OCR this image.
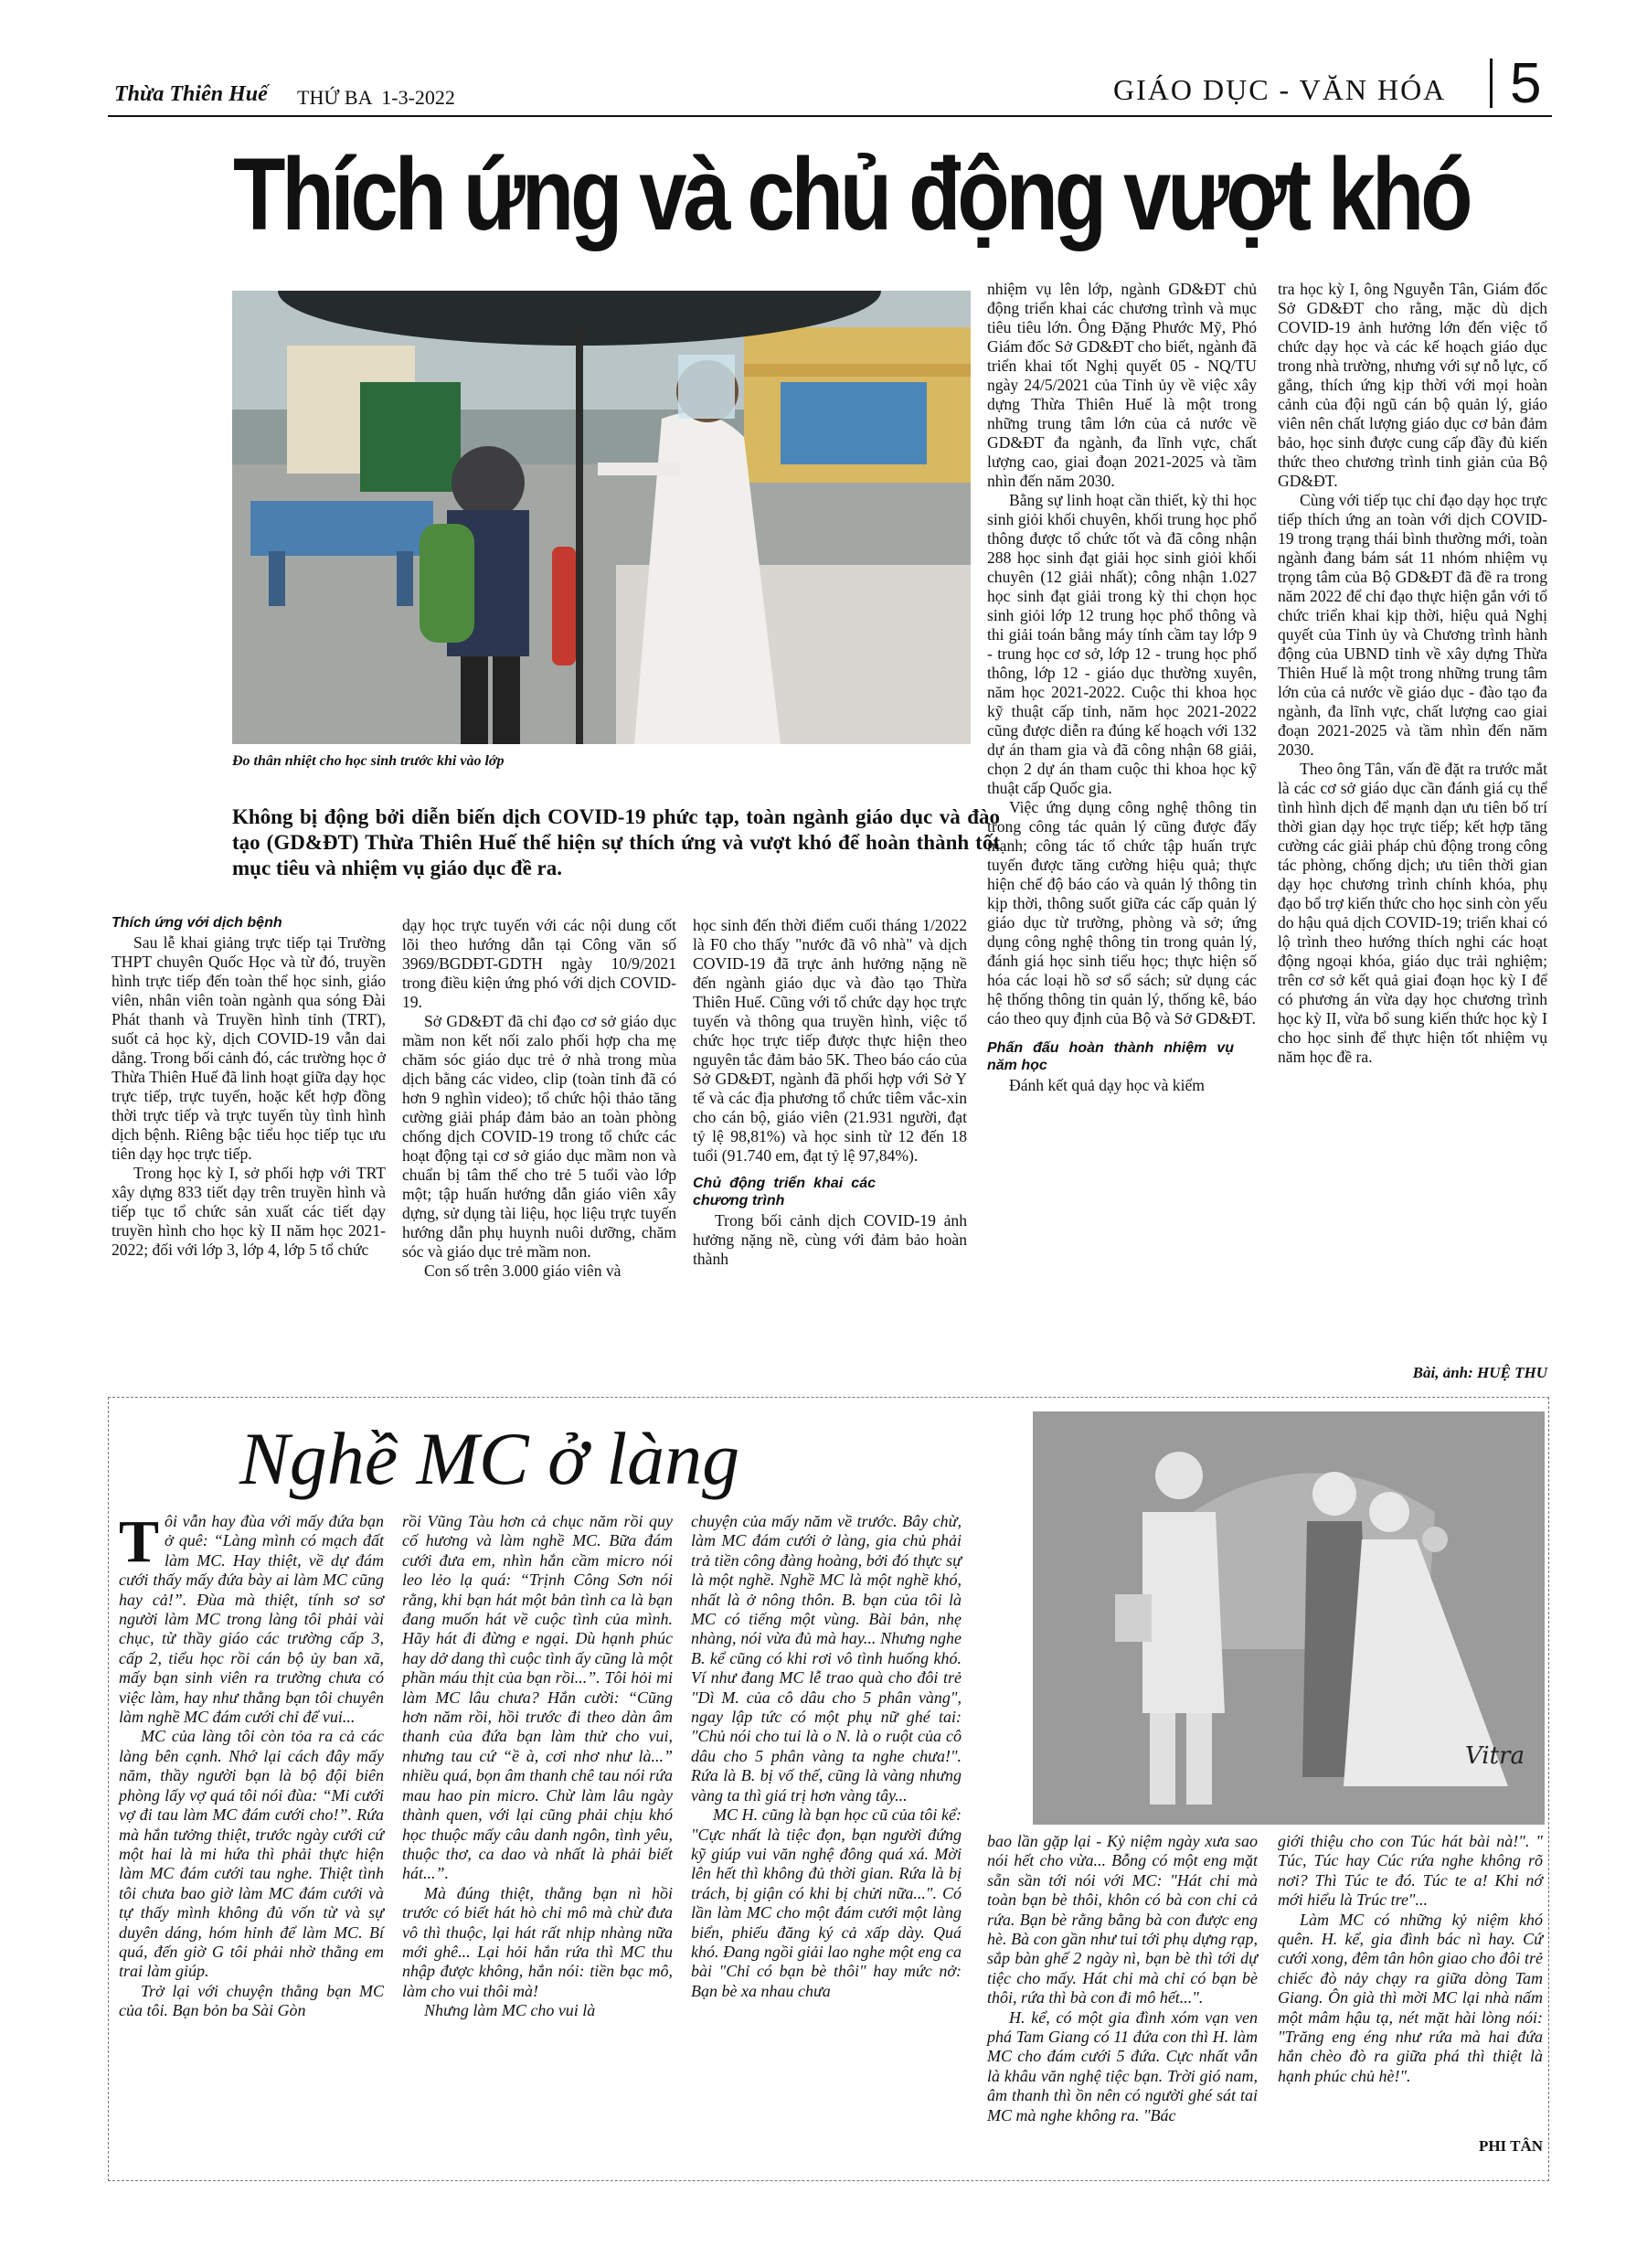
Thừa Thiên Huế THỨ BA  1-3-2022	GIÁO DỤC - VĂN HÓA 5
Thích ứng và chủ động vượt khó
Đo thân nhiệt cho học sinh trước khi vào lớp
Không bị động bởi diễn biến dịch COVID-19 phức tạp, toàn ngành giáo dục và đào tạo (GD&ĐT) Thừa Thiên Huế thể hiện sự thích ứng và vượt khó để hoàn thành tốt mục tiêu và nhiệm vụ giáo dục đề ra.
Thích ứng với dịch bệnh

Sau lễ khai giảng trực tiếp tại Trường THPT chuyên Quốc Học và từ đó, truyền hình trực tiếp đến toàn thể học sinh, giáo viên, nhân viên toàn ngành qua sóng Đài Phát thanh và Truyền hình tỉnh (TRT), suốt cả học kỳ, dịch COVID-19 vẫn dai dẳng. Trong bối cảnh đó, các trường học ở Thừa Thiên Huế đã linh hoạt giữa dạy học trực tiếp, trực tuyến, hoặc kết hợp đồng thời trực tiếp và trực tuyến tùy tình hình dịch bệnh. Riêng bậc tiểu học tiếp tục ưu tiên dạy học trực tiếp.

Trong học kỳ I, sở phối hợp với TRT xây dựng 833 tiết dạy trên truyền hình và tiếp tục tổ chức sản xuất các tiết dạy truyền hình cho học kỳ II năm học 2021-2022; đối với lớp 3, lớp 4, lớp 5 tổ chức

dạy học trực tuyến với các nội dung cốt lõi theo hướng dẫn tại Công văn số 3969/BGDĐT-GDTH ngày 10/9/2021 trong điều kiện ứng phó với dịch COVID-19.

Sở GD&ĐT đã chỉ đạo cơ sở giáo dục mầm non kết nối zalo phối hợp cha mẹ chăm sóc giáo dục trẻ ở nhà trong mùa dịch bằng các video, clip (toàn tỉnh đã có hơn 9 nghìn video); tổ chức hội thảo tăng cường giải pháp đảm bảo an toàn phòng chống dịch COVID-19 trong tổ chức các hoạt động tại cơ sở giáo dục mầm non và chuẩn bị tâm thế cho trẻ 5 tuổi vào lớp một; tập huấn hướng dẫn giáo viên xây dựng, sử dụng tài liệu, học liệu trực tuyến hướng dẫn phụ huynh nuôi dưỡng, chăm sóc và giáo dục trẻ mầm non.

Con số trên 3.000 giáo viên và

học sinh đến thời điểm cuối tháng 1/2022 là F0 cho thấy "nước đã vô nhà" và dịch COVID-19 đã trực ảnh hưởng nặng nề đến ngành giáo dục và đào tạo Thừa Thiên Huế. Cũng với tổ chức dạy học trực tuyến và thông qua truyền hình, việc tổ chức học trực tiếp được thực hiện theo nguyên tắc đảm bảo 5K. Theo báo cáo của Sở GD&ĐT, ngành đã phối hợp với Sở Y tế và các địa phương tổ chức tiêm vắc-xin cho cán bộ, giáo viên (21.931 người, đạt tỷ lệ 98,81%) và học sinh từ 12 đến 18 tuổi (91.740 em, đạt tỷ lệ 97,84%).

Chủ động triển khai các chương trình

Trong bối cảnh dịch COVID-19 ảnh hưởng nặng nề, cùng với đảm bảo hoàn thành

nhiệm vụ lên lớp, ngành GD&ĐT chủ động triển khai các chương trình và mục tiêu tiêu lớn. Ông Đặng Phước Mỹ, Phó Giám đốc Sở GD&ĐT cho biết, ngành đã triển khai tốt Nghị quyết 05 - NQ/TU ngày 24/5/2021 của Tỉnh ủy về việc xây dựng Thừa Thiên Huế là một trong những trung tâm lớn của cả nước về GD&ĐT đa ngành, đa lĩnh vực, chất lượng cao, giai đoạn 2021-2025 và tầm nhìn đến năm 2030.

Bằng sự linh hoạt cần thiết, kỳ thi học sinh giỏi khối chuyên, khối trung học phổ thông được tổ chức tốt và đã công nhận 288 học sinh đạt giải học sinh giỏi khối chuyên (12 giải nhất); công nhận 1.027 học sinh đạt giải trong kỳ thi chọn học sinh giỏi lớp 12 trung học phổ thông và thi giải toán bằng máy tính cầm tay lớp 9 - trung học cơ sở, lớp 12 - trung học phổ thông, lớp 12 - giáo dục thường xuyên, năm học 2021-2022. Cuộc thi khoa học kỹ thuật cấp tỉnh, năm học 2021-2022 cũng được diễn ra đúng kế hoạch với 132 dự án tham gia và đã công nhận 68 giải, chọn 2 dự án tham cuộc thi khoa học kỹ thuật cấp Quốc gia.

Việc ứng dụng công nghệ thông tin trong công tác quản lý cũng được đẩy mạnh; công tác tổ chức tập huấn trực tuyến được tăng cường hiệu quả; thực hiện chế độ báo cáo và quản lý thông tin kịp thời, thông suốt giữa các cấp quản lý giáo dục từ trường, phòng và sở; ứng dụng công nghệ thông tin trong quản lý, đánh giá học sinh tiểu học; thực hiện số hóa các loại hồ sơ sổ sách; sử dụng các hệ thống thông tin quản lý, thống kê, báo cáo theo quy định của Bộ và Sở GD&ĐT.

Phấn đấu hoàn thành nhiệm vụ năm học

Đánh kết quả dạy học và kiểm

tra học kỳ I, ông Nguyễn Tân, Giám đốc Sở GD&ĐT cho rằng, mặc dù dịch COVID-19 ảnh hưởng lớn đến việc tổ chức dạy học và các kế hoạch giáo dục trong nhà trường, nhưng với sự nỗ lực, cố gắng, thích ứng kịp thời với mọi hoàn cảnh của đội ngũ cán bộ quản lý, giáo viên nên chất lượng giáo dục cơ bản đảm bảo, học sinh được cung cấp đầy đủ kiến thức theo chương trình tinh giản của Bộ GD&ĐT.

Cùng với tiếp tục chỉ đạo dạy học trực tiếp thích ứng an toàn với dịch COVID-19 trong trạng thái bình thường mới, toàn ngành đang bám sát 11 nhóm nhiệm vụ trọng tâm của Bộ GD&ĐT đã đề ra trong năm 2022 để chỉ đạo thực hiện gắn với tổ chức triển khai kịp thời, hiệu quả Nghị quyết của Tỉnh ủy và Chương trình hành động của UBND tỉnh về xây dựng Thừa Thiên Huế là một trong những trung tâm lớn của cả nước về giáo dục - đào tạo đa ngành, đa lĩnh vực, chất lượng cao giai đoạn 2021-2025 và tầm nhìn đến năm 2030.

Theo ông Tân, vấn đề đặt ra trước mắt là các cơ sở giáo dục cần đánh giá cụ thể tình hình dịch để mạnh dạn ưu tiên bố trí thời gian dạy học trực tiếp; kết hợp tăng cường các giải pháp chủ động trong công tác phòng, chống dịch; ưu tiên thời gian dạy học chương trình chính khóa, phụ đạo bổ trợ kiến thức cho học sinh còn yếu do hậu quả dịch COVID-19; triển khai có lộ trình theo hướng thích nghi các hoạt động ngoại khóa, giáo dục trải nghiệm; trên cơ sở kết quả giai đoạn học kỳ I để có phương án vừa dạy học chương trình học kỳ II, vừa bổ sung kiến thức học kỳ I cho học sinh để thực hiện tốt nhiệm vụ năm học đề ra.

Bài, ảnh: HUỆ THU
Nghề MC ở làng
Vitra

T ôi vẫn hay đùa với mấy đứa bạn ở quê: “Làng mình có mạch đất làm MC. Hay thiệt, về dự đám cưới thấy mấy đứa bày ai làm MC cũng hay cả!”. Đùa mà thiệt, tính sơ sơ người làm MC trong làng tôi phải vài chục, từ thầy giáo các trường cấp 3, cấp 2, tiểu học rồi cán bộ ủy ban xã, mấy bạn sinh viên ra trường chưa có việc làm, hay như thằng bạn tôi chuyên làm nghề MC đám cưới chỉ để vui...

MC của làng tôi còn tỏa ra cả các làng bên cạnh. Nhớ lại cách đây mấy năm, thầy người bạn là bộ đội biên phòng lấy vợ quá tôi nói đùa: “Mi cưới vợ đi tau làm MC đám cưới cho!”. Rứa mà hắn tưởng thiệt, trước ngày cưới cứ một hai là mi hứa thì phải thực hiện làm MC đám cưới tau nghe. Thiệt tình tôi chưa bao giờ làm MC đám cưới và tự thấy mình không đủ vốn từ và sự duyên dáng, hóm hỉnh để làm MC. Bí quá, đến giờ G tôi phải nhờ thằng em trai làm giúp.

Trở lại với chuyện thằng bạn MC của tôi. Bạn bỏn ba Sài Gòn

rồi Vũng Tàu hơn cả chục năm rồi quy cố hương và làm nghề MC. Bữa đám cưới đưa em, nhìn hắn cầm micro nói leo lẻo lạ quá: “Trịnh Công Sơn nói rằng, khi bạn hát một bản tình ca là bạn đang muốn hát về cuộc tình của mình. Hãy hát đi đừng e ngại. Dù hạnh phúc hay dở dang thì cuộc tình ấy cũng là một phần máu thịt của bạn rồi...”. Tôi hỏi mi làm MC lâu chưa? Hắn cười: “Cũng hơn năm rồi, hồi trước đi theo dàn âm thanh của đứa bạn làm thử cho vui, nhưng tau cứ “ề à, cơi nhơ như là...” nhiều quá, bọn âm thanh chê tau nói rứa mau hao pin micro. Chừ làm lâu ngày thành quen, với lại cũng phải chịu khó học thuộc mấy câu danh ngôn, tình yêu, thuộc thơ, ca dao và nhất là phải biết hát...”.

Mà đúng thiệt, thằng bạn nì hồi trước có biết hát hò chi mô mà chừ đưa vô thì thuộc, lại hát rất nhịp nhàng nữa mới ghê... Lại hỏi hắn rứa thì MC thu nhập được không, hắn nói: tiền bạc mô, làm cho vui thôi mà!

Nhưng làm MC cho vui là

chuyện của mấy năm về trước. Bây chừ, làm MC đám cưới ở làng, gia chủ phải trả tiền công đàng hoàng, bởi đó thực sự là một nghề. Nghề MC là một nghề khó, nhất là ở nông thôn. B. bạn của tôi là MC có tiếng một vùng. Bài bản, nhẹ nhàng, nói vừa đủ mà hay... Nhưng nghe B. kể cũng có khi rơi vô tình huống khó. Ví như đang MC lễ trao quà cho đôi trẻ "Dì M. của cô dâu cho 5 phân vàng", ngay lập tức có một phụ nữ ghé tai: "Chủ nói cho tui là o N. là o ruột của cô dâu cho 5 phân vàng ta nghe chưa!". Rứa là B. bị vố thế, cũng là vàng nhưng vàng ta thì giá trị hơn vàng tây...

MC H. cũng là bạn học cũ của tôi kể: "Cực nhất là tiệc đọn, bạn người đứng kỹ giúp vui văn nghệ đông quá xá. Mời lên hết thì không đủ thời gian. Rứa là bị trách, bị giận có khi bị chửi nữa...". Có lần làm MC cho một đám cưới một làng biển, phiếu đăng ký cả xấp dày. Quá khó. Đang ngồi giải lao nghe một eng ca bài "Chỉ có bạn bè thôi" hay mức nở: Bạn bè xa nhau chưa

bao lần gặp lại - Kỷ niệm ngày xưa sao nói hết cho vừa... Bỗng có một eng mặt sẵn sần tới nói với MC: "Hát chi mà toàn bạn bè thôi, khôn có bà con chi cả rứa. Bạn bè rằng bằng bà con được eng hè. Bà con gần như tui tới phụ dựng rạp, sắp bàn ghế 2 ngày nì, bạn bè thì tới dự tiệc cho mấy. Hát chi mà chỉ có bạn bè thôi, rứa thì bà con đi mô hết...".

H. kể, có một gia đình xóm vạn ven phá Tam Giang có 11 đứa con thì H. làm MC cho đám cưới 5 đứa. Cực nhất vẫn là khâu văn nghệ tiệc bạn. Trời gió nam, âm thanh thì ồn nên có người ghé sát tai MC mà nghe không ra. "Bác

giới thiệu cho con Túc hát bài nà!". " Túc, Túc hay Cúc rứa nghe không rõ nơi? Thì Túc te đó. Túc te a! Khi nớ mới hiểu là Trúc tre"...

Làm MC có những kỷ niệm khó quên. H. kể, gia đình bác nì hay. Cứ cưới xong, đêm tân hôn giao cho đôi trẻ chiếc đò nảy chạy ra giữa dòng Tam Giang. Ôn già thì mời MC lại nhà nấm một mâm hậu tạ, nét mặt hài lòng nói: "Trăng eng éng như rứa mà hai đứa hắn chèo đò ra giữa phá thì thiệt là hạnh phúc chủ hè!".

PHI TÂN
